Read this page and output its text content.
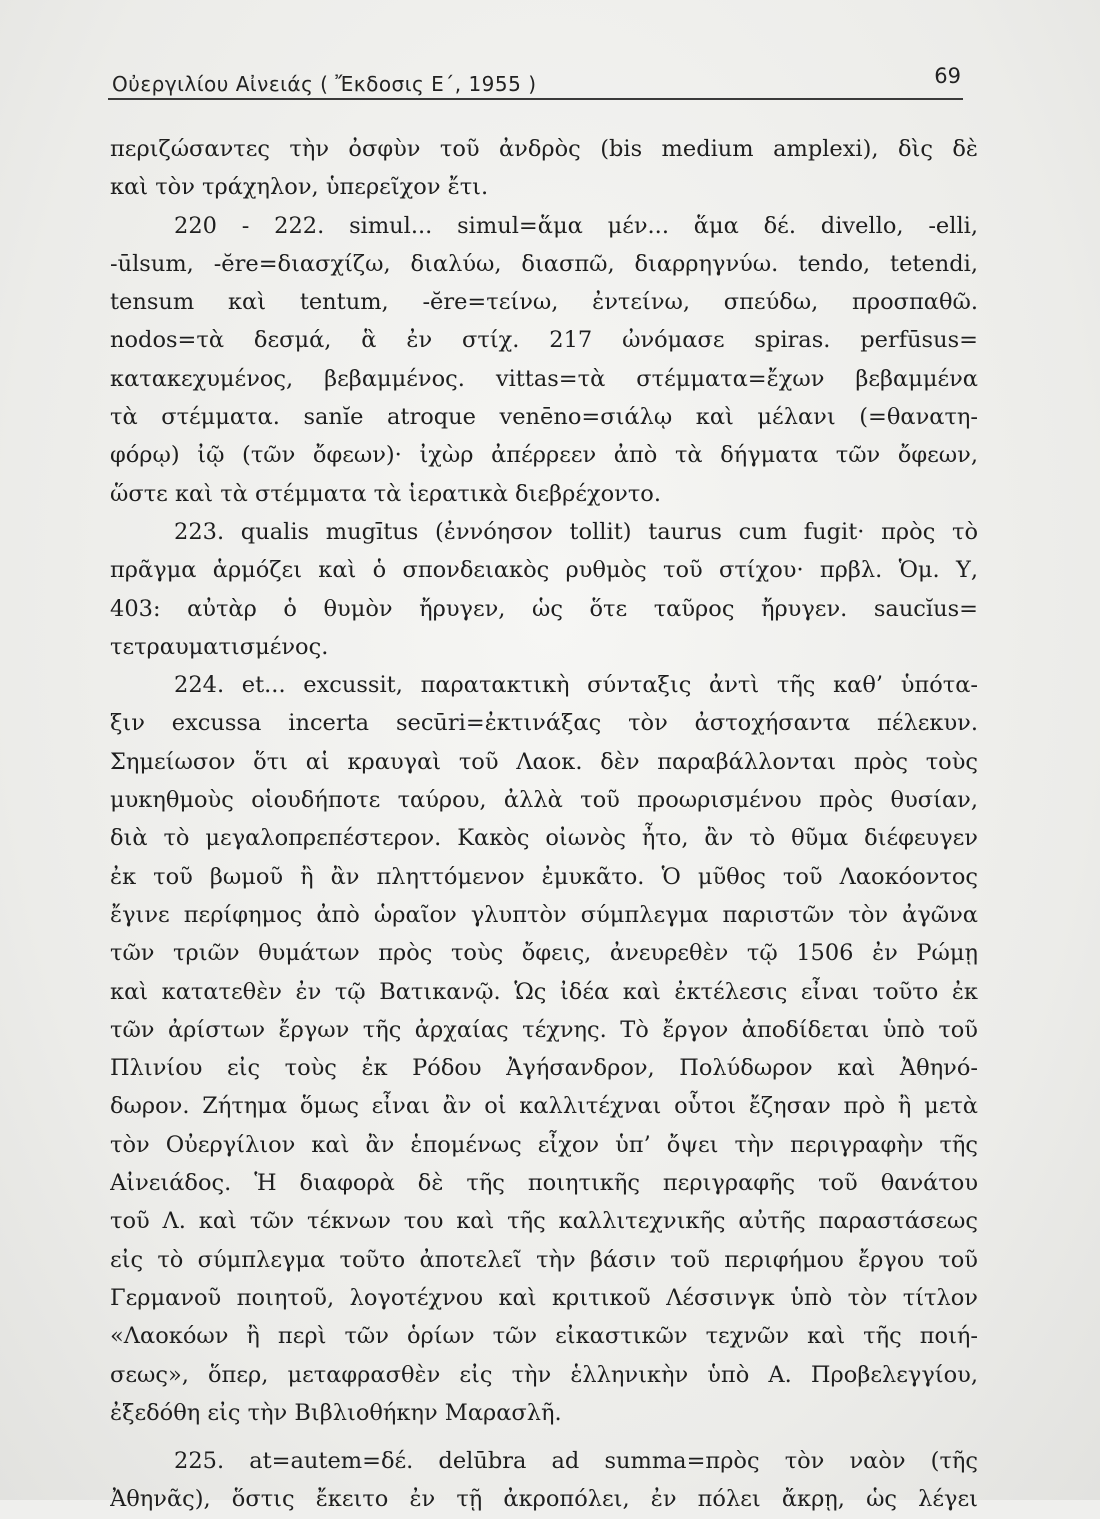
Οὐεργιλίου Αἰνειάς ( Ἔκδοσις Ε΄, 1955 )	69
περιζώσαντες τὴν ὀσφὺν τοῦ ἀνδρὸς (bis medium amplexi), δὶς δὲ
καὶ τὸν τράχηλον, ὑπερεῖχον ἔτι.
220 - 222. simul... simul=ἅμα μέν... ἅμα δέ. divello, -elli,
-ūlsum, -ĕre=διασχίζω, διαλύω, διασπῶ, διαρρηγνύω. tendo, tetendi,
tensum καὶ tentum, -ĕre=τείνω, ἐντείνω, σπεύδω, προσπαθῶ.
nodos=τὰ δεσμά, ἃ ἐν στίχ. 217 ὠνόμασε spiras. perfūsus=
κατακεχυμένος, βεβαμμένος. vittas=τὰ στέμματα=ἔχων βεβαμμένα
τὰ στέμματα. sanĭe atroque venēno=σιάλῳ καὶ μέλανι (=θανατη-
φόρῳ) ἰῷ (τῶν ὄφεων)· ἰχὼρ ἀπέρρεεν ἀπὸ τὰ δήγματα τῶν ὄφεων,
ὥστε καὶ τὰ στέμματα τὰ ἱερατικὰ διεβρέχοντο.
223. qualis mugītus (ἐννόησον tollit) taurus cum fugit· πρὸς τὸ
πρᾶγμα ἁρμόζει καὶ ὁ σπονδειακὸς ρυθμὸς τοῦ στίχου· πρβλ. Ὁμ. Υ,
403: αὐτὰρ ὁ θυμὸν ἤρυγεν, ὡς ὅτε ταῦρος ἤρυγεν. saucĭus=
τετραυματισμένος.
224. et... excussit, παρατακτικὴ σύνταξις ἀντὶ τῆς καθ’ ὑπότα-
ξιν excussa incerta secūri=ἐκτινάξας τὸν ἀστοχήσαντα πέλεκυν.
Σημείωσον ὅτι αἱ κραυγαὶ τοῦ Λαοκ. δὲν παραβάλλονται πρὸς τοὺς
μυκηθμοὺς οἱουδήποτε ταύρου, ἀλλὰ τοῦ προωρισμένου πρὸς θυσίαν,
διὰ τὸ μεγαλοπρεπέστερον. Κακὸς οἰωνὸς ἦτο, ἂν τὸ θῦμα διέφευγεν
ἐκ τοῦ βωμοῦ ἢ ἂν πληττόμενον ἐμυκᾶτο. Ὁ μῦθος τοῦ Λαοκόοντος
ἔγινε περίφημος ἀπὸ ὡραῖον γλυπτὸν σύμπλεγμα παριστῶν τὸν ἀγῶνα
τῶν τριῶν θυμάτων πρὸς τοὺς ὄφεις, ἀνευρεθὲν τῷ 1506 ἐν Ρώμῃ
καὶ κατατεθὲν ἐν τῷ Βατικανῷ. Ὡς ἰδέα καὶ ἐκτέλεσις εἶναι τοῦτο ἐκ
τῶν ἀρίστων ἔργων τῆς ἀρχαίας τέχνης. Τὸ ἔργον ἀποδίδεται ὑπὸ τοῦ
Πλινίου εἰς τοὺς ἐκ Ρόδου Ἀγήσανδρον, Πολύδωρον καὶ Ἀθηνό-
δωρον. Ζήτημα ὅμως εἶναι ἂν οἱ καλλιτέχναι οὗτοι ἔζησαν πρὸ ἢ μετὰ
τὸν Οὐεργίλιον καὶ ἂν ἑπομένως εἶχον ὑπ’ ὄψει τὴν περιγραφὴν τῆς
Αἰνειάδος. Ἡ διαφορὰ δὲ τῆς ποιητικῆς περιγραφῆς τοῦ θανάτου
τοῦ Λ. καὶ τῶν τέκνων του καὶ τῆς καλλιτεχνικῆς αὐτῆς παραστάσεως
εἰς τὸ σύμπλεγμα τοῦτο ἀποτελεῖ τὴν βάσιν τοῦ περιφήμου ἔργου τοῦ
Γερμανοῦ ποιητοῦ, λογοτέχνου καὶ κριτικοῦ Λέσσινγκ ὑπὸ τὸν τίτλον
«Λαοκόων ἢ περὶ τῶν ὁρίων τῶν εἰκαστικῶν τεχνῶν καὶ τῆς ποιή-
σεως», ὅπερ, μεταφρασθὲν εἰς τὴν ἑλληνικὴν ὑπὸ Α. Προβελεγγίου,
ἐξεδόθη εἰς τὴν Βιβλιοθήκην Μαρασλῆ.
225. at=autem=δέ. delūbra ad summa=πρὸς τὸν ναὸν (τῆς
Ἀθηνᾶς), ὅστις ἔκειτο ἐν τῇ ἀκροπόλει, ἐν πόλει ἄκρῃ, ὡς λέγει
